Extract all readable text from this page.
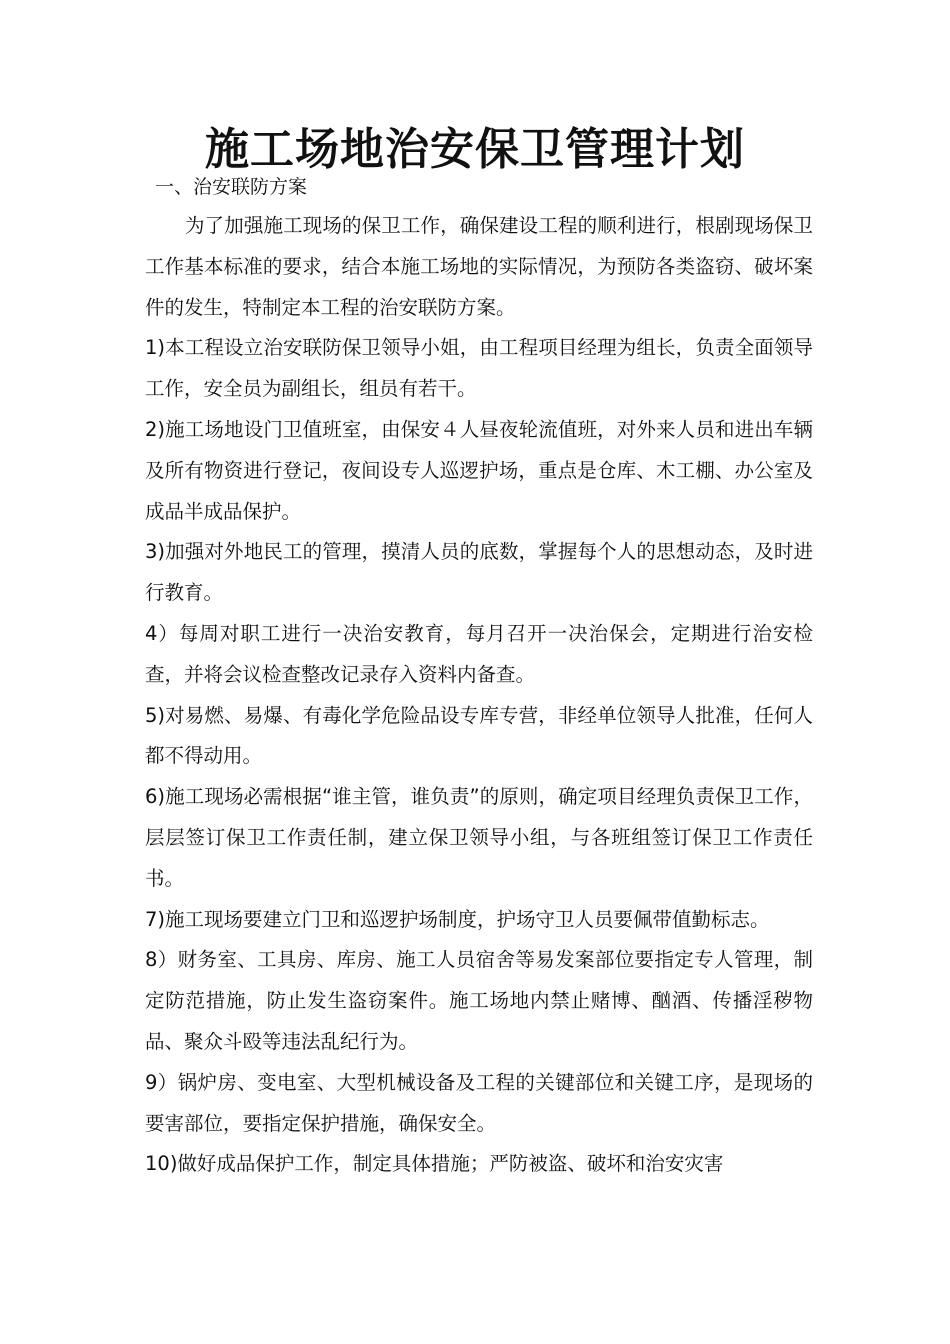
施工场地治安保卫管理计划
一、治安联防方案

为了加强施工现场的保卫工作，确保建设工程的顺利进行，根剧现场保卫工作基本标准的要求，结合本施工场地的实际情况，为预防各类盗窃、破坏案件的发生，特制定本工程的治安联防方案。

1)本工程设立治安联防保卫领导小姐，由工程项目经理为组长，负责全面领导工作，安全员为副组长，组员有若干。

2)施工场地设门卫值班室，由保安４人昼夜轮流值班，对外来人员和进出车辆及所有物资进行登记，夜间设专人巡逻护场，重点是仓库、木工棚、办公室及成品半成品保护。

3)加强对外地民工的管理，摸清人员的底数，掌握每个人的思想动态，及时进行教育。

4）每周对职工进行一决治安教育，每月召开一决治保会，定期进行治安检查，并将会议检查整改记录存入资料内备查。

5)对易燃、易爆、有毒化学危险品设专库专营，非经单位领导人批准，任何人都不得动用。

6)施工现场必需根据“谁主管，谁负责”的原则，确定项目经理负责保卫工作，层层签订保卫工作责任制，建立保卫领导小组，与各班组签订保卫工作责任书。

7)施工现场要建立门卫和巡逻护场制度，护场守卫人员要佩带值勤标志。

8）财务室、工具房、库房、施工人员宿舍等易发案部位要指定专人管理，制定防范措施，防止发生盗窃案件。施工场地内禁止赌博、酗酒、传播淫秽物品、聚众斗殴等违法乱纪行为。

9）锅炉房、变电室、大型机械设备及工程的关键部位和关键工序，是现场的要害部位，要指定保护措施，确保安全。

10)做好成品保护工作，制定具体措施；严防被盗、破坏和治安灾害
